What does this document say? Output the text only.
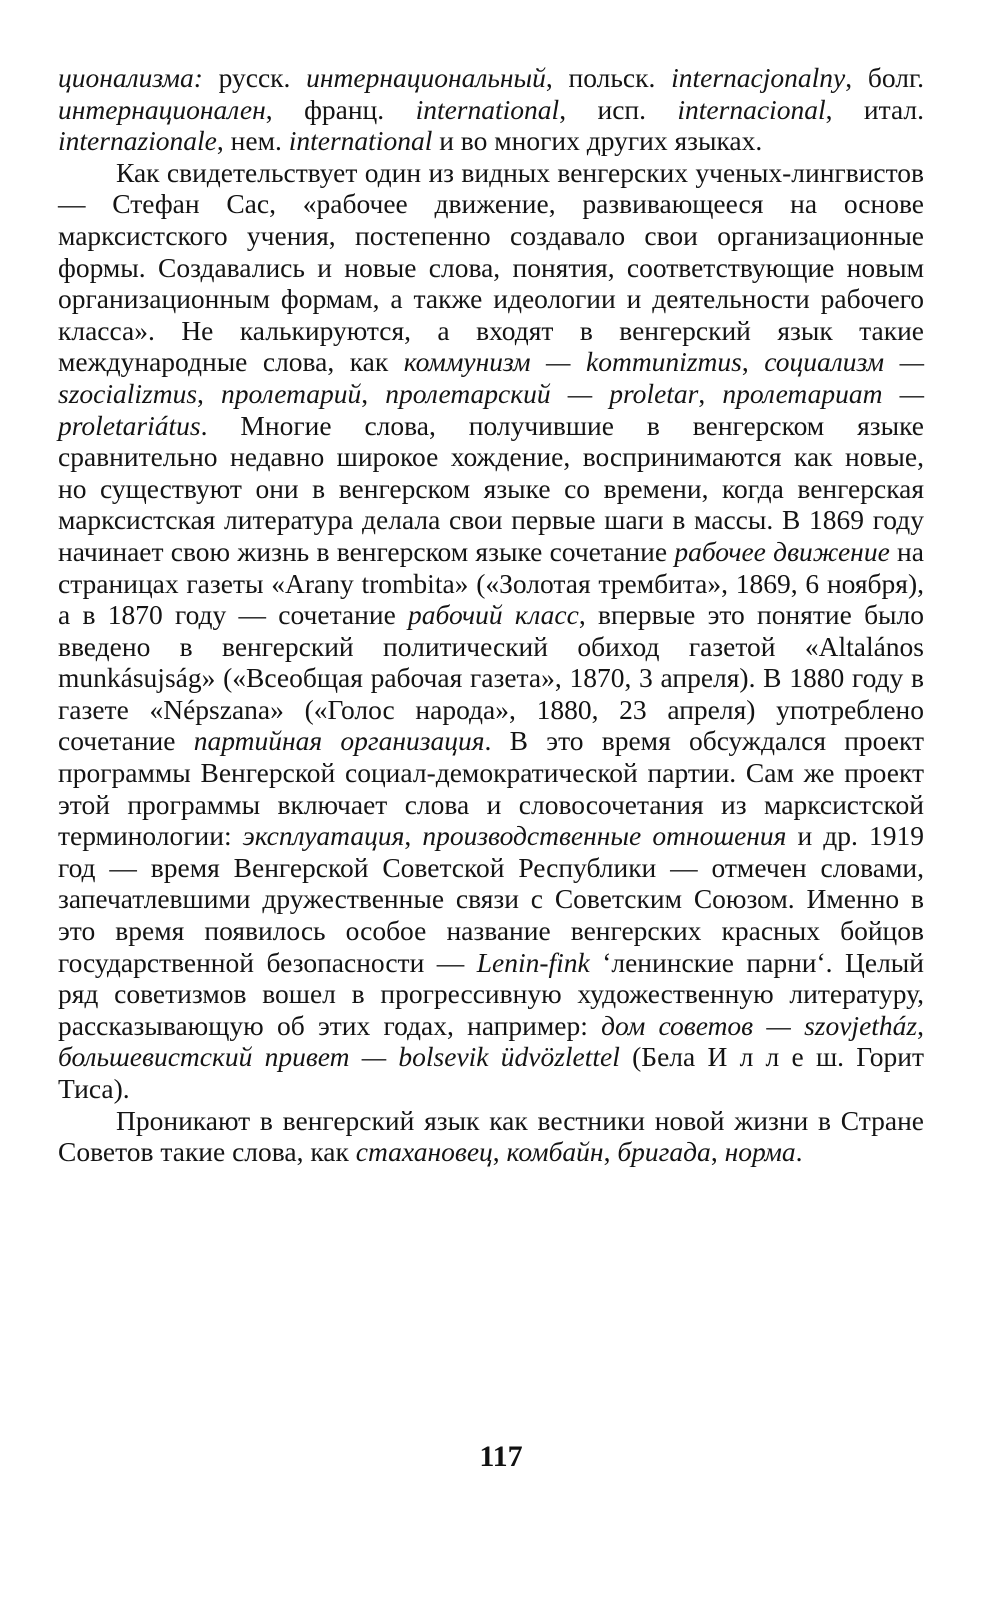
ционализма: русск. интернациональный, польск. internacjonalny, болг. интернационален, франц. international, исп. internacional, итал. internazionale, нем. international и во многих других языках.

Как свидетельствует один из видных венгерских ученых-лингвистов — Стефан Сас, «рабочее движение, развивающееся на основе марксистского учения, постепенно создавало свои организационные формы. Создавались и новые слова, понятия, соответствующие новым организационным формам, а также идеологии и деятельности рабочего класса». Не калькируются, а входят в венгерский язык такие международные слова, как коммунизм — kommunizmus, социализм — szocializmus, пролетарий, пролетарский — proletar, пролетариат — proletariátus. Многие слова, получившие в венгерском языке сравнительно недавно широкое хождение, воспринимаются как новые, но существуют они в венгерском языке со времени, когда венгерская марксистская литература делала свои первые шаги в массы. В 1869 году начинает свою жизнь в венгерском языке сочетание рабочее движение на страницах газеты «Arany trombita» («Золотая трембита», 1869, 6 ноября), а в 1870 году — сочетание рабочий класс, впервые это понятие было введено в венгерский политический обиход газетой «Altalános munkásujság» («Всеобщая рабочая газета», 1870, 3 апреля). В 1880 году в газете «Népszana» («Голос народа», 1880, 23 апреля) употреблено сочетание партийная организация. В это время обсуждался проект программы Венгерской социал-демократической партии. Сам же проект этой программы включает слова и словосочетания из марксистской терминологии: эксплуатация, производственные отношения и др. 1919 год — время Венгерской Советской Республики — отмечен словами, запечатлевшими дружественные связи с Советским Союзом. Именно в это время появилось особое название венгерских красных бойцов государственной безопасности — Lenin-fink ‘ленинские парни‘. Целый ряд советизмов вошел в прогрессивную художественную литературу, рассказывающую об этих годах, например: дом советов — szovjetház, большевистский привет — bolsevik üdvözlettel (Бела И л л е ш. Горит Тиса).

Проникают в венгерский язык как вестники новой жизни в Стране Советов такие слова, как стахановец, комбайн, бригада, норма.

117
